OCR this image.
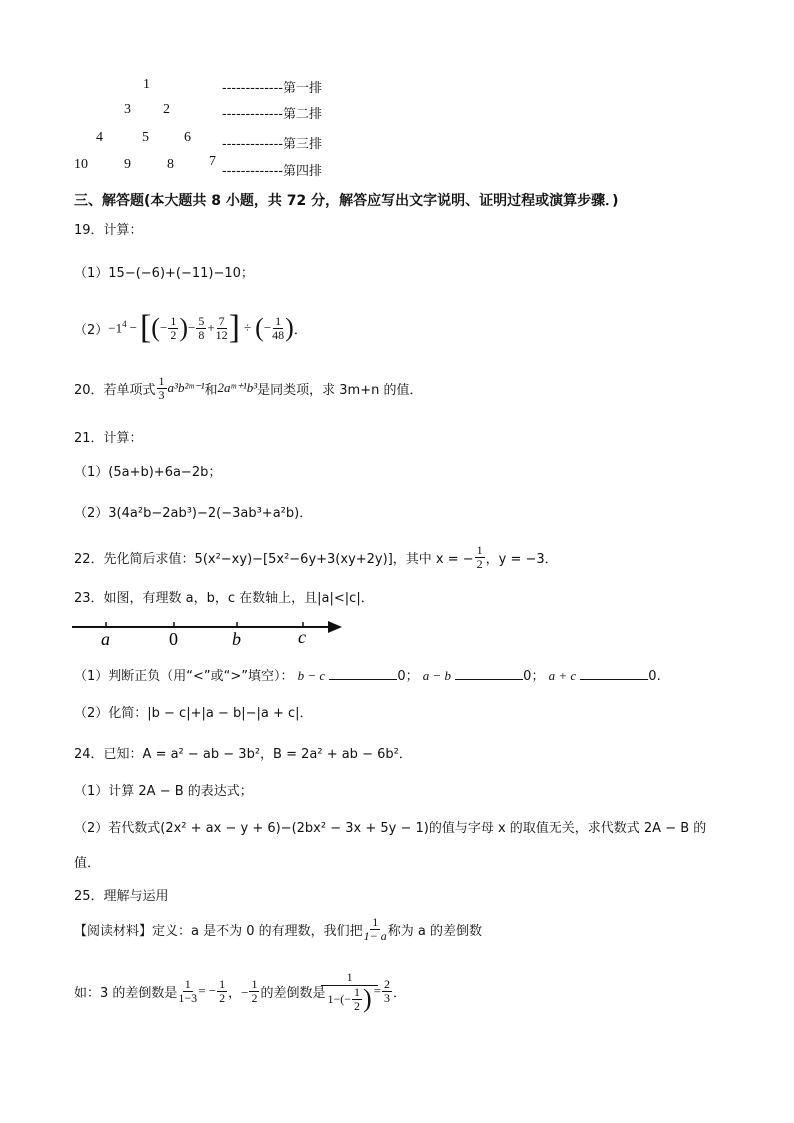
1
3 2
4	5	6
10	9	8	7
-------------第一排
-------------第二排
-------------第三排
-------------第四排
三、解答题(本大题共 8 小题，共 72 分，解答应写出文字说明、证明过程或演算步骤．)
19．计算：
（1）15−(−6)+(−11)−10；
$(2) -1^4$ − [ ( − $\frac{1}{2}$ ) − $\frac{5}{8} + \frac{7}{12}$ ] ÷ ( − $\frac{1}{48}$ ) ．
20．若单项式 $\frac{1}{3}$ a³b²ᵐ⁻¹ 和 2aᵐ⁺¹b³ 是同类项，求 3m+n 的值．
21．计算：
（1）(5a+b)+6a−2b；
（2）3(4a²b−2ab³)−2(−3ab³+a²b)．
22．先化简后求值：5(x²−xy)−[5x²−6y+3(xy+2y)]，其中 x = − $\frac{1}{2}$ ，y = −3．
23．如图，有理数 a，b，c 在数轴上，且|a|<|c|．
a	0	b	c
（1）判断正负（用“<”或“>”填空）： b − c	0； a − b	0； a + c	0.
（2）化简：|b − c|+|a − b|−|a + c|．
24．已知：A = a² − ab − 3b²，B = 2a² + ab − 6b²．
（1）计算 2A − B 的表达式；
（2）若代数式(2x² + ax − y + 6)−(2bx² − 3x + 5y − 1)的值与字母 x 的取值无关，求代数式 2A − B 的
值．
25．理解与运用
【阅读材料】定义：a 是不为 0 的有理数，我们把 $\frac{1}{1- a}$ 称为 a 的差倒数
如：3 的差倒数是 $\frac{1}{1-3}$ = − $\frac{1}{2}$ ，− $\frac{1}{2}$ 的差倒数是 $\frac{1}{1-(- \frac{1}{2} )} = \frac{2}{3}$ ．
